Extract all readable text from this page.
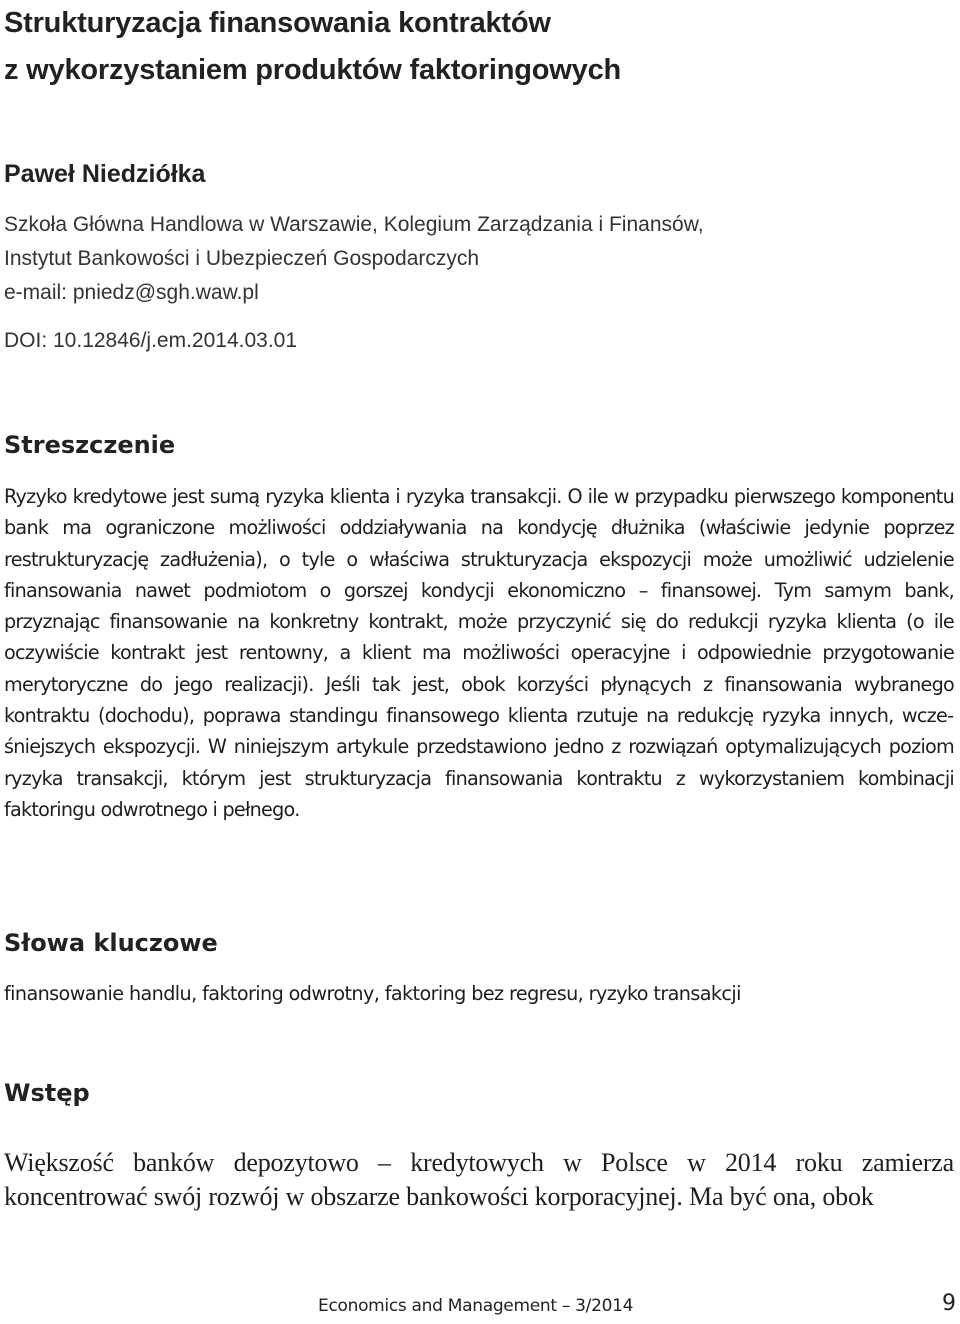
Strukturyzacja finansowania kontraktów
z wykorzystaniem produktów faktoringowych
Paweł Niedziółka
Szkoła Główna Handlowa w Warszawie, Kolegium Zarządzania i Finansów,
Instytut Bankowości i Ubezpieczeń Gospodarczych
e-mail: pniedz@sgh.waw.pl
DOI: 10.12846/j.em.2014.03.01
Streszczenie

Ryzyko kredytowe jest sumą ryzyka klienta i ryzyka transakcji. O ile w przypadku pierwszego komponentu bank ma ograniczone możliwości oddziaływania na kondycję dłużnika (właściwie jedynie poprzez restrukturyzację zadłużenia), o tyle o właściwa strukturyzacja ekspozycji może umożliwić udzielenie finansowania nawet podmiotom o gorszej kondycji ekonomiczno – finansowej. Tym samym bank, przyznając finansowanie na konkretny kontrakt, może przyczynić się do redukcji ryzyka klienta (o ile oczywiście kontrakt jest rentowny, a klient ma możliwości operacyjne i odpowiednie przygotowanie merytoryczne do jego realizacji). Jeśli tak jest, obok korzyści płynących z finansowania wybranego kontraktu (dochodu), poprawa standingu finansowego klienta rzutuje na redukcję ryzyka innych, wcześniejszych ekspozycji. W niniejszym artykule przedstawiono jedno z rozwiązań optymalizujących poziom ryzyka transakcji, którym jest strukturyzacja finansowania kontraktu z wykorzystaniem kombinacji faktoringu odwrotnego i pełnego.

Słowa kluczowe

finansowanie handlu, faktoring odwrotny, faktoring bez regresu, ryzyko transakcji

Wstęp

Większość banków depozytowo – kredytowych w Polsce w 2014 roku zamierza koncentrować swój rozwój w obszarze bankowości korporacyjnej. Ma być ona, obok

Economics and Management – 3/2014	9
